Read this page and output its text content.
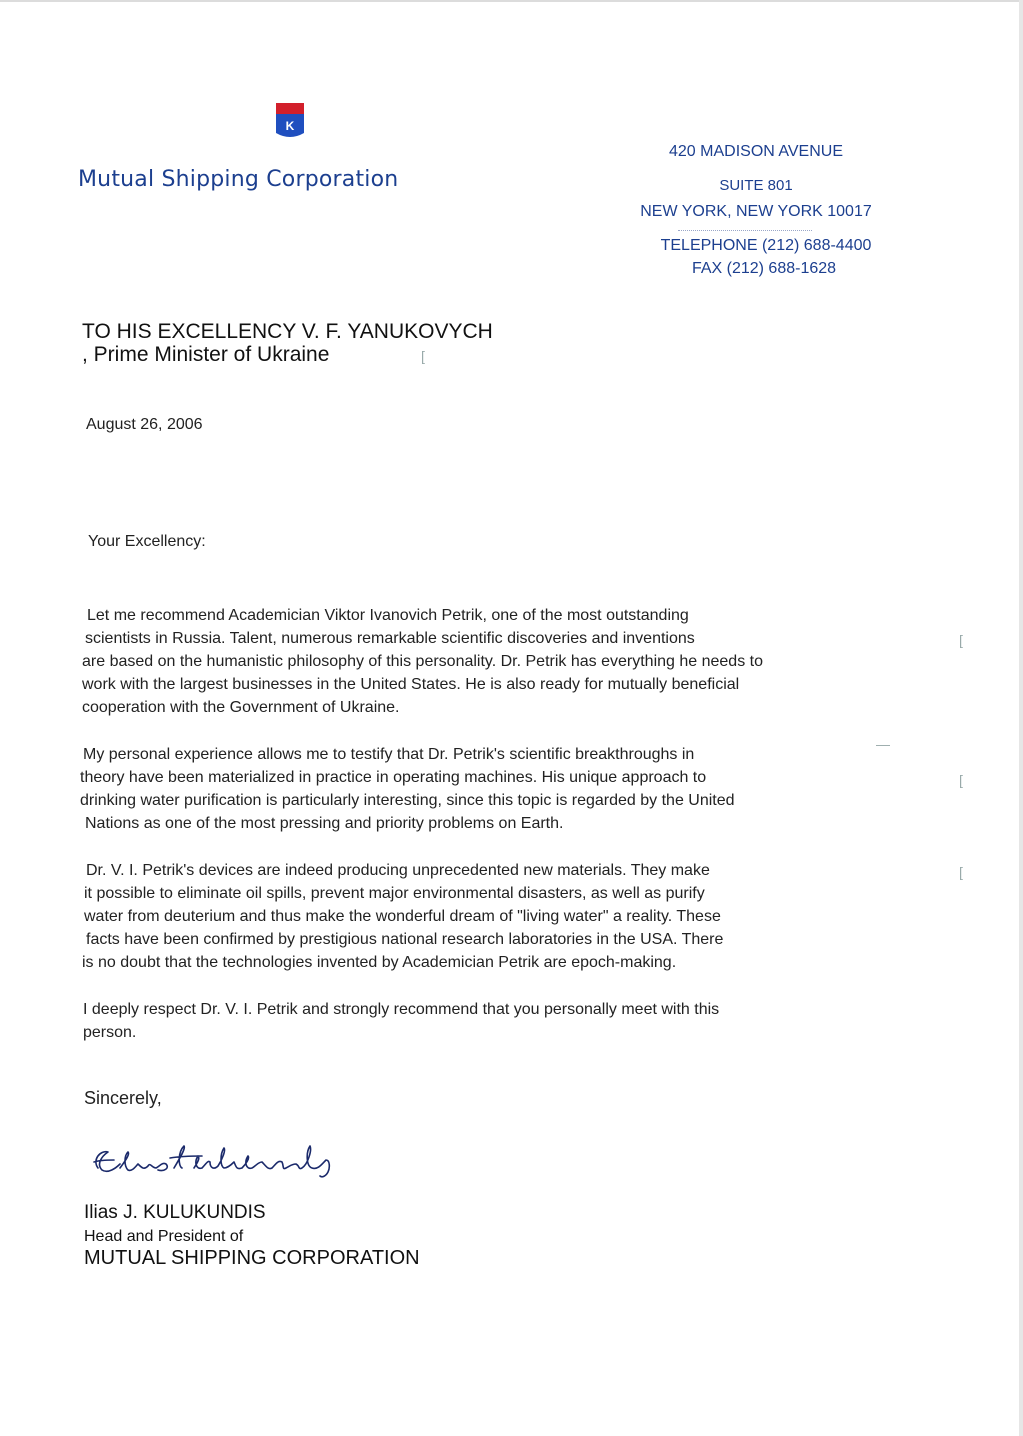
K
Mutual Shipping Corporation
420 MADISON AVENUE
SUITE 801
NEW YORK, NEW YORK 10017
TELEPHONE (212) 688-4400
FAX (212) 688-1628
TO HIS EXCELLENCY V. F. YANUKOVYCH
, Prime Minister of Ukraine	[
August 26, 2006
Your Excellency:
Let me recommend Academician Viktor Ivanovich Petrik, one of the most outstanding
scientists in Russia. Talent, numerous remarkable scientific discoveries and inventions
are based on the humanistic philosophy of this personality. Dr. Petrik has everything he needs to
work with the largest businesses in the United States. He is also ready for mutually beneficial
cooperation with the Government of Ukraine.
My personal experience allows me to testify that Dr. Petrik's scientific breakthroughs in
theory have been materialized in practice in operating machines. His unique approach to
drinking water purification is particularly interesting, since this topic is regarded by the United
Nations as one of the most pressing and priority problems on Earth.
Dr. V. I. Petrik's devices are indeed producing unprecedented new materials. They make
it possible to eliminate oil spills, prevent major environmental disasters, as well as purify
water from deuterium and thus make the wonderful dream of "living water" a reality. These
facts have been confirmed by prestigious national research laboratories in the USA. There
is no doubt that the technologies invented by Academician Petrik are epoch-making.
I deeply respect Dr. V. I. Petrik and strongly recommend that you personally meet with this
person.
[
[
[
—
Sincerely,
Ilias J. KULUKUNDIS
Head and President of
MUTUAL SHIPPING CORPORATION
